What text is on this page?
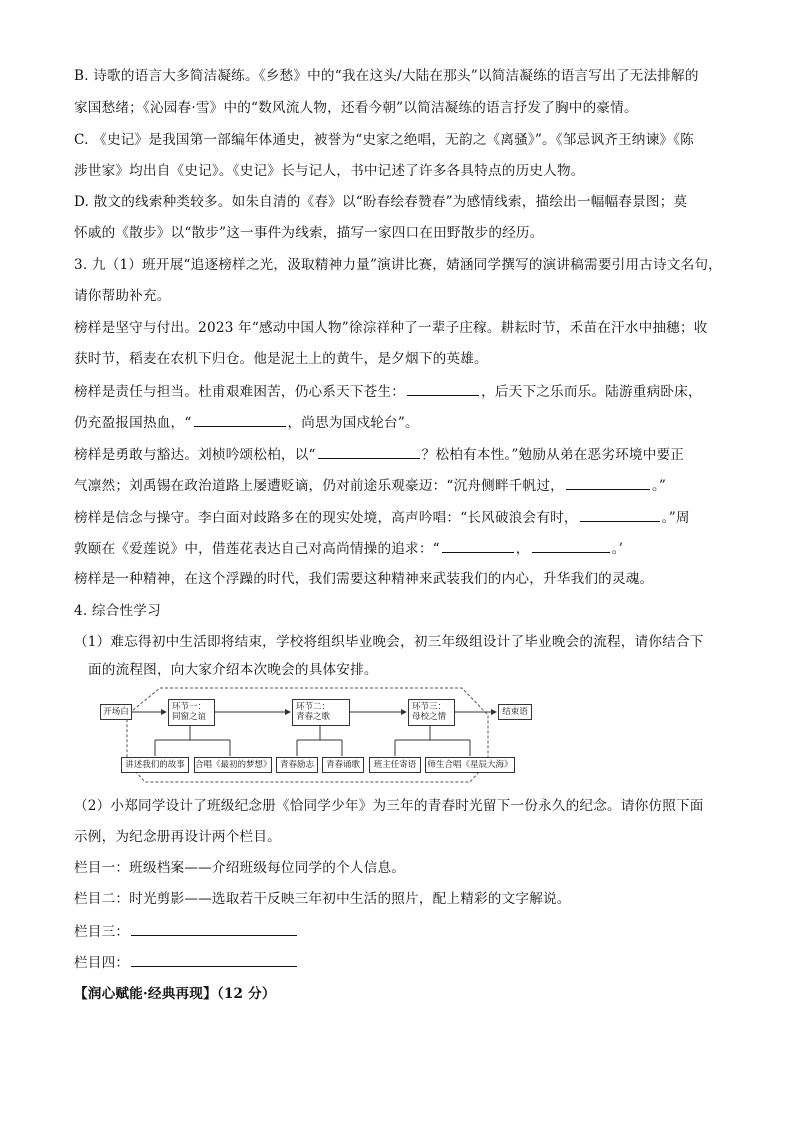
B. 诗歌的语言大多简洁凝练。《乡愁》中的“我在这头/大陆在那头”以简洁凝练的语言写出了无法排解的
家国愁绪；《沁园春·雪》中的“数风流人物，还看今朝”以简洁凝练的语言抒发了胸中的豪情。
C. 《史记》是我国第一部编年体通史，被誉为“史家之绝唱，无韵之《离骚》”。《邹忌讽齐王纳谏》《陈
涉世家》均出自《史记》。《史记》长与记人，书中记述了许多各具特点的历史人物。
D. 散文的线索种类较多。如朱自清的《春》以“盼春绘春赞春”为感情线索，描绘出一幅幅春景图；莫
怀戚的《散步》以“散步”这一事件为线索，描写一家四口在田野散步的经历。
3. 九（1）班开展“追逐榜样之光，汲取精神力量”演讲比赛，婧涵同学撰写的演讲稿需要引用古诗文名句，
请你帮助补充。
榜样是坚守与付出。2023 年“感动中国人物”徐淙祥种了一辈子庄稼。耕耘时节，禾苗在汗水中抽穗；收
获时节，稻麦在农机下归仓。他是泥土上的黄牛，是夕烟下的英雄。
榜样是责任与担当。杜甫艰难困苦，仍心系天下苍生：	，后天下之乐而乐。陆游重病卧床，
仍充盈报国热血，“	，尚思为国戍轮台”。
榜样是勇敢与豁达。刘桢吟颂松柏，以“	？松柏有本性。”勉励从弟在恶劣环境中要正
气凛然；刘禹锡在政治道路上屡遭贬谪，仍对前途乐观豪迈：“沉舟侧畔千帆过，	。”
榜样是信念与操守。李白面对歧路多在的现实处境，高声吟唱：“长风破浪会有时，	。”周
敦颐在《爱莲说》中，借莲花表达自己对高尚情操的追求：“	，	。’
榜样是一种精神，在这个浮躁的时代，我们需要这种精神来武装我们的内心，升华我们的灵魂。
4. 综合性学习
（1）难忘得初中生活即将结束，学校将组织毕业晚会，初三年级组设计了毕业晚会的流程，请你结合下
面的流程图，向大家介绍本次晚会的具体安排。
开场白	环节一：
同窗之谊
环节二：
青春之歌
环节三：
母校之情	结束语
讲述我们的故事	合唱《最初的梦想》 青春励志	青春诵歌	班主任寄语	师生合唱《星辰大海》
（2）小郑同学设计了班级纪念册《恰同学少年》为三年的青春时光留下一份永久的纪念。请你仿照下面
示例，为纪念册再设计两个栏目。
栏目一：班级档案——介绍班级每位同学的个人信息。
栏目二：时光剪影——选取若干反映三年初中生活的照片，配上精彩的文字解说。
栏目三：
栏目四：
【润心赋能·经典再现】（12 分）
